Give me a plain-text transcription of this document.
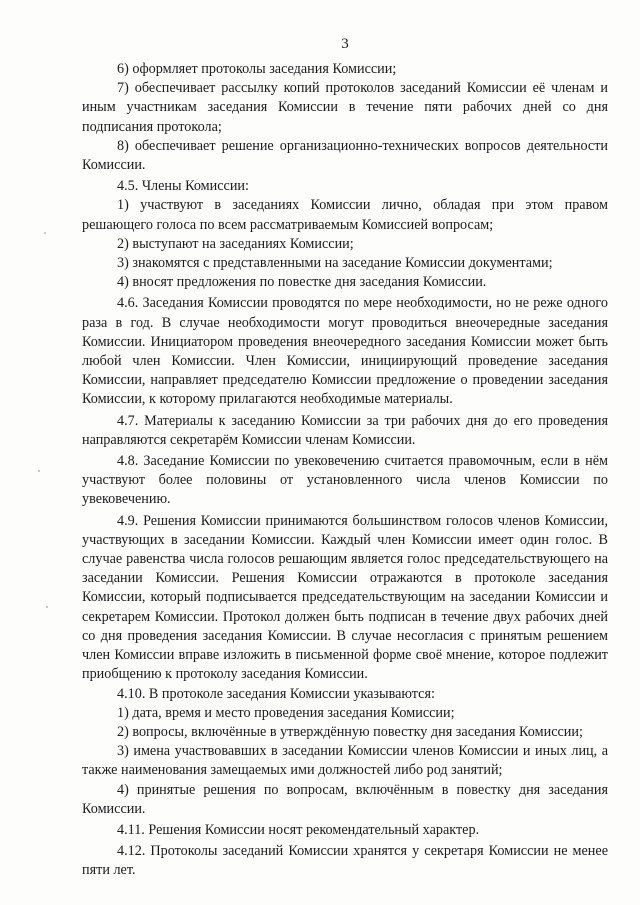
3

6) оформляет протоколы заседания Комиссии;

7) обеспечивает рассылку копий протоколов заседаний Комиссии её членам и иным участникам заседания Комиссии в течение пяти рабочих дней со дня подписания протокола;

8) обеспечивает решение организационно-технических вопросов деятельности Комиссии.

4.5. Члены Комиссии:

1) участвуют в заседаниях Комиссии лично, обладая при этом правом решающего голоса по всем рассматриваемым Комиссией вопросам;

2) выступают на заседаниях Комиссии;

3) знакомятся с представленными на заседание Комиссии документами;

4) вносят предложения по повестке дня заседания Комиссии.

4.6. Заседания Комиссии проводятся по мере необходимости, но не реже одного раза в год. В случае необходимости могут проводиться внеочередные заседания Комиссии. Инициатором проведения внеочередного заседания Комиссии может быть любой член Комиссии. Член Комиссии, инициирующий проведение заседания Комиссии, направляет председателю Комиссии предложение о проведении заседания Комиссии, к которому прилагаются необходимые материалы.

4.7. Материалы к заседанию Комиссии за три рабочих дня до его проведения направляются секретарём Комиссии членам Комиссии.

4.8. Заседание Комиссии по увековечению считается правомочным, если в нём участвуют более половины от установленного числа членов Комиссии по увековечению.

4.9. Решения Комиссии принимаются большинством голосов членов Комиссии, участвующих в заседании Комиссии. Каждый член Комиссии имеет один голос. В случае равенства числа голосов решающим является голос председательствующего на заседании Комиссии. Решения Комиссии отражаются в протоколе заседания Комиссии, который подписывается председательствующим на заседании Комиссии и секретарем Комиссии. Протокол должен быть подписан в течение двух рабочих дней со дня проведения заседания Комиссии. В случае несогласия с принятым решением член Комиссии вправе изложить в письменной форме своё мнение, которое подлежит приобщению к протоколу заседания Комиссии.

4.10. В протоколе заседания Комиссии указываются:

1) дата, время и место проведения заседания Комиссии;

2) вопросы, включённые в утверждённую повестку дня заседания Комиссии;

3) имена участвовавших в заседании Комиссии членов Комиссии и иных лиц, а также наименования замещаемых ими должностей либо род занятий;

4) принятые решения по вопросам, включённым в повестку дня заседания Комиссии.

4.11. Решения Комиссии носят рекомендательный характер.

4.12. Протоколы заседаний Комиссии хранятся у секретаря Комиссии не менее пяти лет.
